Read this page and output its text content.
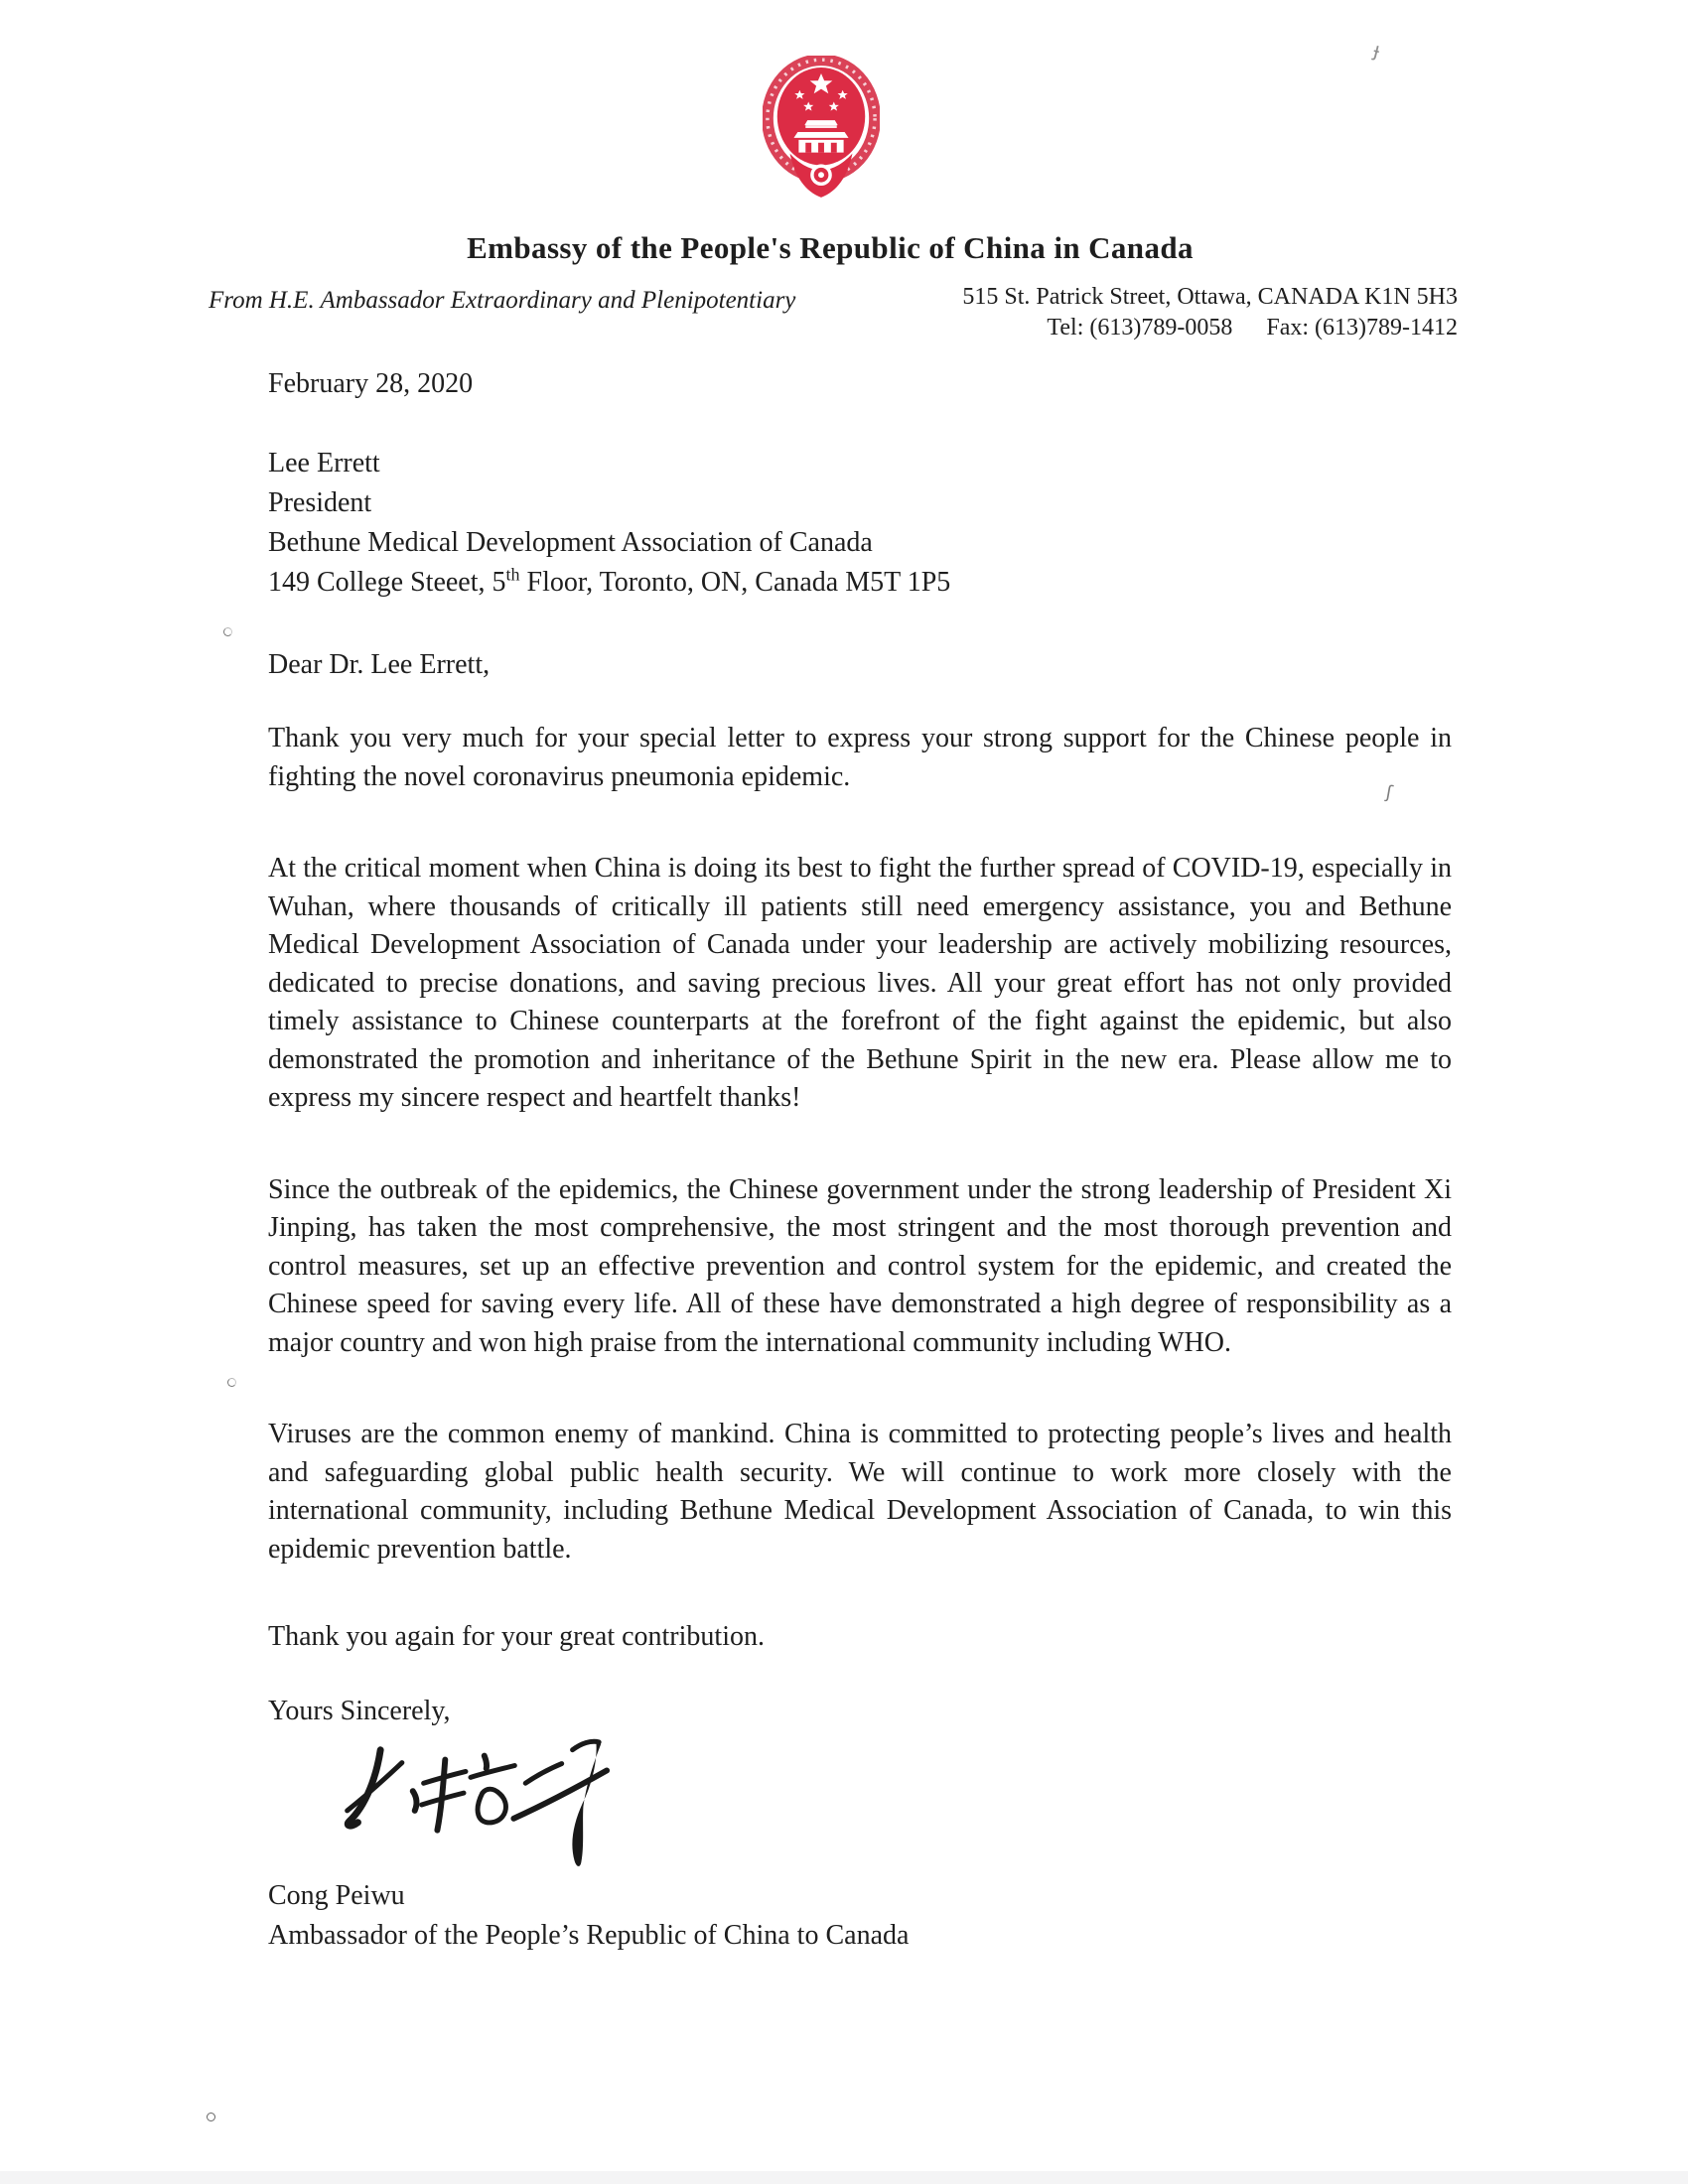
Embassy of the People's Republic of China in Canada
From H.E. Ambassador Extraordinary and Plenipotentiary	515 St. Patrick Street, Ottawa, CANADA K1N 5H3
Tel: (613)789-0058 Fax: (613)789-1412
February 28, 2020
Lee Errett
President
Bethune Medical Development Association of Canada
149 College Steeet, 5th Floor, Toronto, ON, Canada M5T 1P5
Dear Dr. Lee Errett,

Thank you very much for your special letter to express your strong support for the Chinese people in fighting the novel coronavirus pneumonia epidemic.

At the critical moment when China is doing its best to fight the further spread of COVID-19, especially in Wuhan, where thousands of critically ill patients still need emergency assistance, you and Bethune Medical Development Association of Canada under your leadership are actively mobilizing resources, dedicated to precise donations, and saving precious lives. All your great effort has not only provided timely assistance to Chinese counterparts at the forefront of the fight against the epidemic, but also demonstrated the promotion and inheritance of the Bethune Spirit in the new era. Please allow me to express my sincere respect and heartfelt thanks!

Since the outbreak of the epidemics, the Chinese government under the strong leadership of President Xi Jinping, has taken the most comprehensive, the most stringent and the most thorough prevention and control measures, set up an effective prevention and control system for the epidemic, and created the Chinese speed for saving every life. All of these have demonstrated a high degree of responsibility as a major country and won high praise from the international community including WHO.

Viruses are the common enemy of mankind. China is committed to protecting people’s lives and health and safeguarding global public health security. We will continue to work more closely with the international community, including Bethune Medical Development Association of Canada, to win this epidemic prevention battle.

Thank you again for your great contribution.
Yours Sincerely,
Cong Peiwu
Ambassador of the People’s Republic of China to Canada
ɟ
ʃ
